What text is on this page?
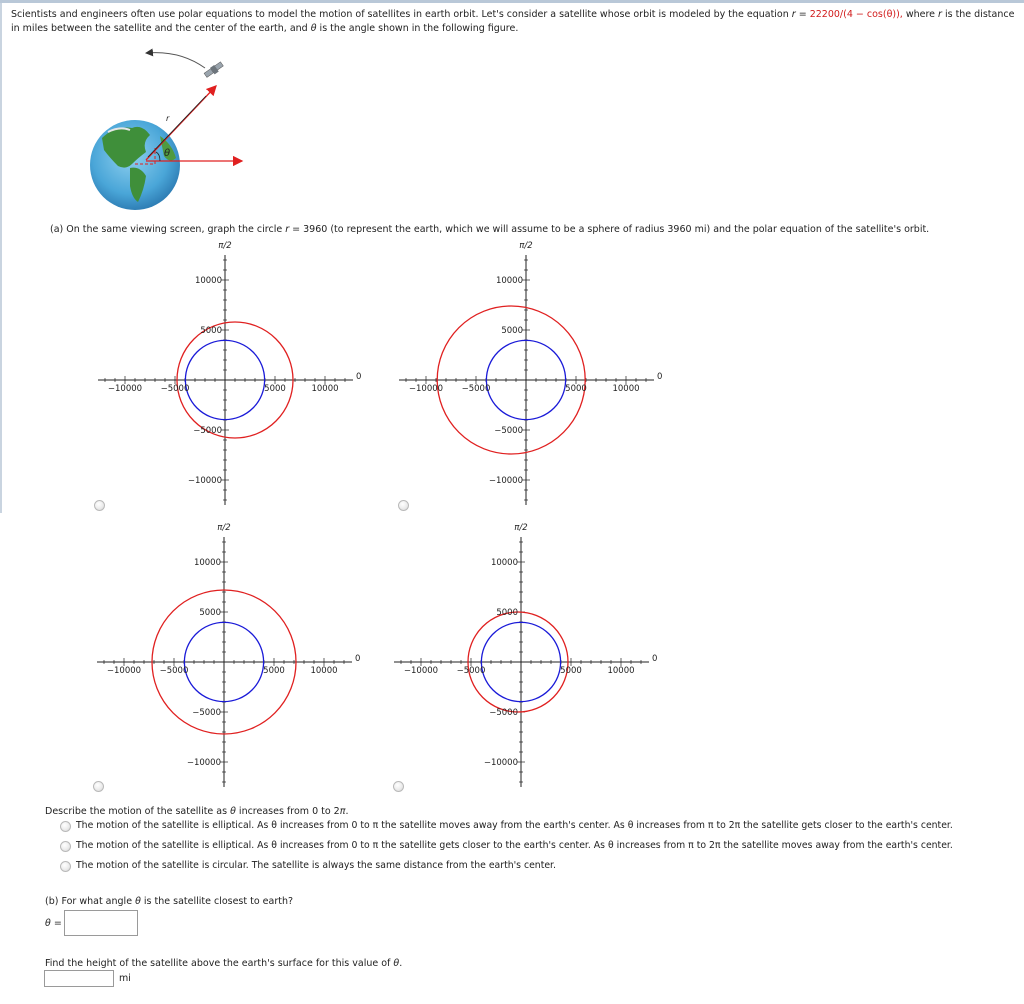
Scientists and engineers often use polar equations to model the motion of satellites in earth orbit. Let's consider a satellite whose orbit is modeled by the equation r = 22200/(4 − cos(θ)), where r is the distance

in miles between the satellite and the center of the earth, and θ is the angle shown in the following figure.

θ
r

(a) On the same viewing screen, graph the circle r = 3960 (to represent the earth, which we will assume to be a sphere of radius 3960 mi) and the polar equation of the satellite's orbit.

−10000 −5000	5000	10000
10000
5000
−5000
−10000
π/2
0
−10000 −5000	5000	10000
10000
5000
−5000
−10000
π/2
0
−10000 −5000	5000	10000
10000
5000
−5000
−10000
π/2
0
−10000 −5000	5000	10000
10000
5000
−5000
−10000
π/2
0

Describe the motion of the satellite as θ increases from 0 to 2π.

The motion of the satellite is elliptical. As θ increases from 0 to π the satellite moves away from the earth's center. As θ increases from π to 2π the satellite gets closer to the earth's center.
The motion of the satellite is elliptical. As θ increases from 0 to π the satellite gets closer to the earth's center. As θ increases from π to 2π the satellite moves away from the earth's center.
The motion of the satellite is circular. The satellite is always the same distance from the earth's center.

(b) For what angle θ is the satellite closest to earth?

θ =

Find the height of the satellite above the earth's surface for this value of θ.

mi
